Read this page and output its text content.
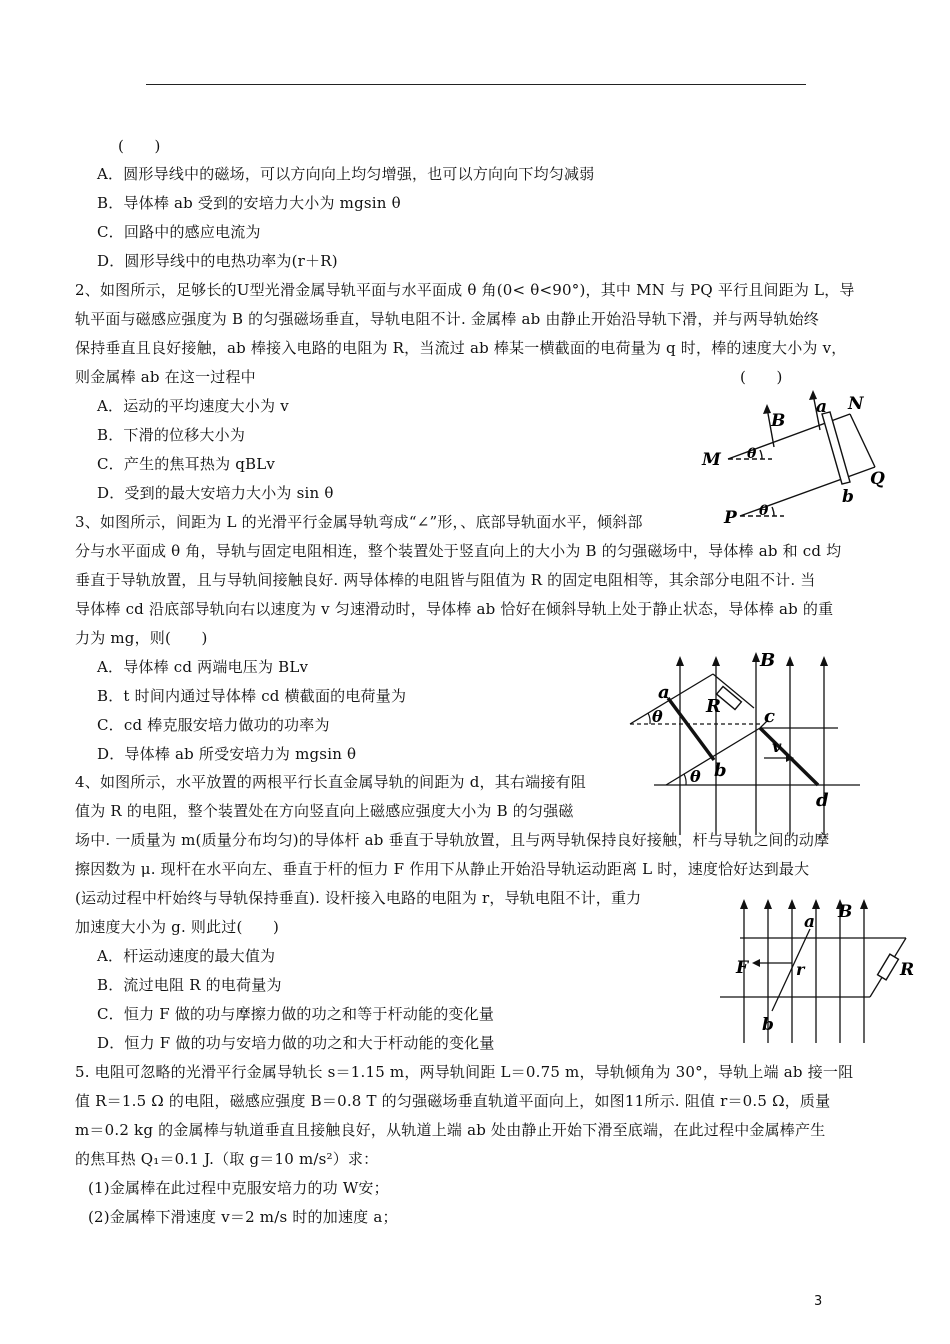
(　　)
A．圆形导线中的磁场，可以方向向上均匀增强，也可以方向向下均匀减弱
B．导体棒 ab 受到的安培力大小为 mgsin θ
C．回路中的感应电流为
D．圆形导线中的电热功率为(r＋R)
2、如图所示，足够长的U型光滑金属导轨平面与水平面成 θ 角(0< θ<90°)，其中 MN 与 PQ 平行且间距为 L，导
轨平面与磁感应强度为 B 的匀强磁场垂直，导轨电阻不计. 金属棒 ab 由静止开始沿导轨下滑，并与两导轨始终
保持垂直且良好接触，ab 棒接入电路的电阻为 R，当流过 ab 棒某一横截面的电荷量为 q 时，棒的速度大小为 v，
则金属棒 ab 在这一过程中	(　　)
A．运动的平均速度大小为 v
B．下滑的位移大小为
C．产生的焦耳热为 qBLv
D．受到的最大安培力大小为 sin θ
B
a N
M
Q
b
P
θ
θ
3、如图所示，间距为 L 的光滑平行金属导轨弯成“∠”形，、底部导轨面水平，倾斜部
分与水平面成 θ 角，导轨与固定电阻相连，整个装置处于竖直向上的大小为 B 的匀强磁场中，导体棒 ab 和 cd 均
垂直于导轨放置，且与导轨间接触良好. 两导体棒的电阻皆与阻值为 R 的固定电阻相等，其余部分电阻不计. 当
导体棒 cd 沿底部导轨向右以速度为 v 匀速滑动时，导体棒 ab 恰好在倾斜导轨上处于静止状态，导体棒 ab 的重
力为 mg，则(　　)
A．导体棒 cd 两端电压为 BLv
B．t 时间内通过导体棒 cd 横截面的电荷量为
C．cd 棒克服安培力做功的功率为
D．导体棒 ab 所受安培力为 mgsin θ
B
a
R c
θ
θ b
v
d
4、如图所示，水平放置的两根平行长直金属导轨的间距为 d，其右端接有阻
值为 R 的电阻，整个装置处在方向竖直向上磁感应强度大小为 B 的匀强磁
场中. 一质量为 m(质量分布均匀)的导体杆 ab 垂直于导轨放置，且与两导轨保持良好接触，杆与导轨之间的动摩
擦因数为 μ. 现杆在水平向左、垂直于杆的恒力 F 作用下从静止开始沿导轨运动距离 L 时，速度恰好达到最大
(运动过程中杆始终与导轨保持垂直). 设杆接入电路的电阻为 r，导轨电阻不计，重力
加速度大小为 g. 则此过(　　)
A．杆运动速度的最大值为
B．流过电阻 R 的电荷量为
C．恒力 F 做的功与摩擦力做的功之和等于杆动能的变化量
D．恒力 F 做的功与安培力做的功之和大于杆动能的变化量
B
a
F	r	R
b
5. 电阻可忽略的光滑平行金属导轨长 s＝1.15 m，两导轨间距 L＝0.75 m，导轨倾角为 30°，导轨上端 ab 接一阻
值 R＝1.5 Ω 的电阻，磁感应强度 B＝0.8 T 的匀强磁场垂直轨道平面向上，如图11所示. 阻值 r＝0.5 Ω，质量
m＝0.2 kg 的金属棒与轨道垂直且接触良好，从轨道上端 ab 处由静止开始下滑至底端，在此过程中金属棒产生
的焦耳热 Q₁＝0.1 J.（取 g＝10 m/s²）求：
(1)金属棒在此过程中克服安培力的功 W安；
(2)金属棒下滑速度 v＝2 m/s 时的加速度 a；
3
